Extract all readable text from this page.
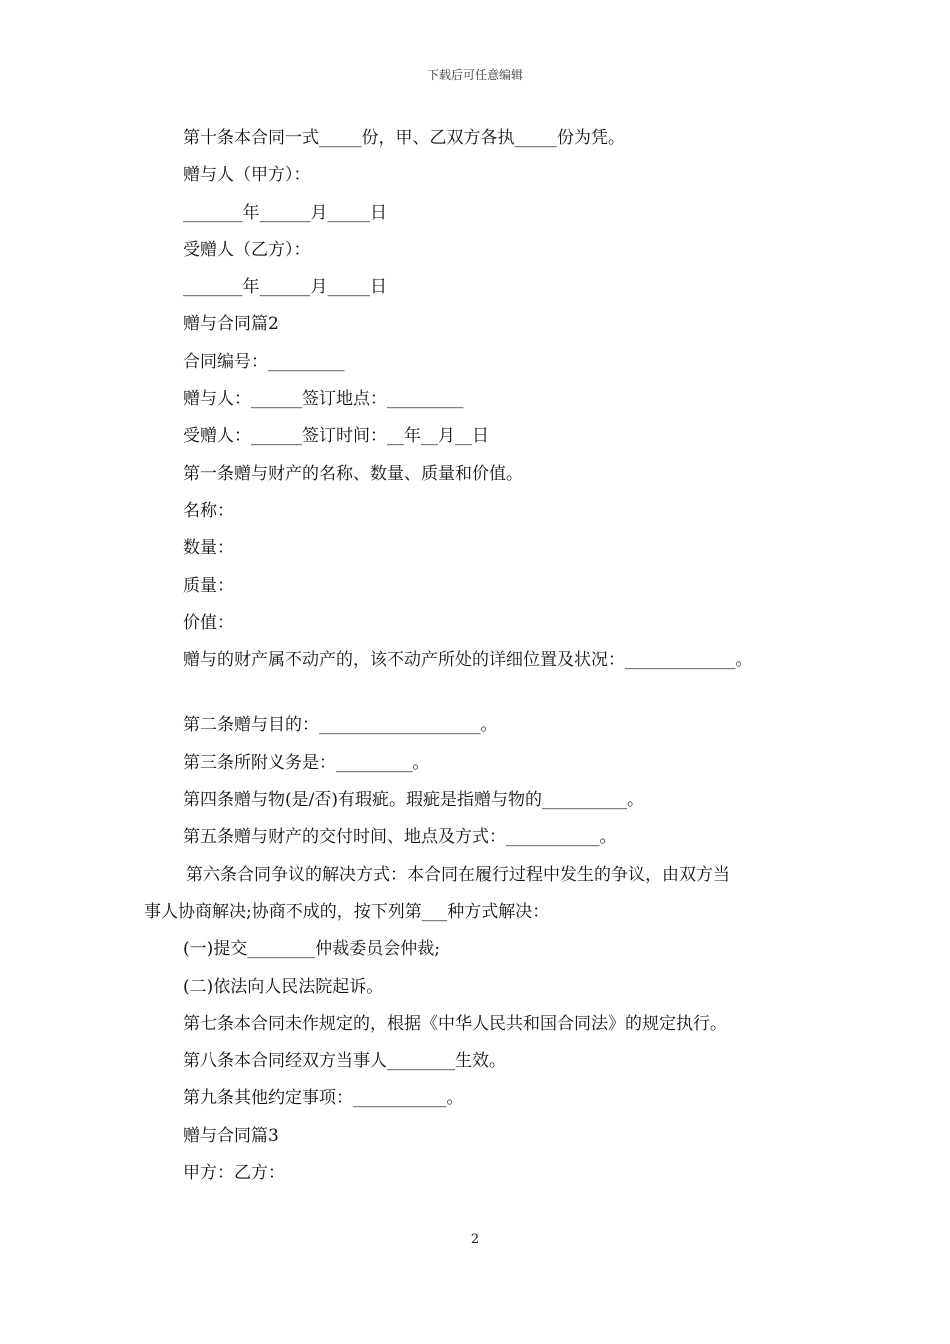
下载后可任意编辑
第十条本合同一式_____份，甲、乙双方各执_____份为凭。
赠与人（甲方）：
_______年______月_____日
受赠人（乙方）：
_______年______月_____日
赠与合同篇2
合同编号：_________
赠与人：______签订地点：_________
受赠人：______签订时间：__年__月__日
第一条赠与财产的名称、数量、质量和价值。
名称：
数量：
质量：
价值：
赠与的财产属不动产的，该不动产所处的详细位置及状况：_____________。
第二条赠与目的：___________________。
第三条所附义务是：_________。
第四条赠与物(是/否)有瑕疵。瑕疵是指赠与物的__________。
第五条赠与财产的交付时间、地点及方式：___________。
第六条合同争议的解决方式：本合同在履行过程中发生的争议，由双方当
事人协商解决;协商不成的，按下列第___种方式解决：
(一)提交________仲裁委员会仲裁;
(二)依法向人民法院起诉。
第七条本合同未作规定的，根据《中华人民共和国合同法》的规定执行。
第八条本合同经双方当事人________生效。
第九条其他约定事项：___________。
赠与合同篇3
甲方：乙方：
2
